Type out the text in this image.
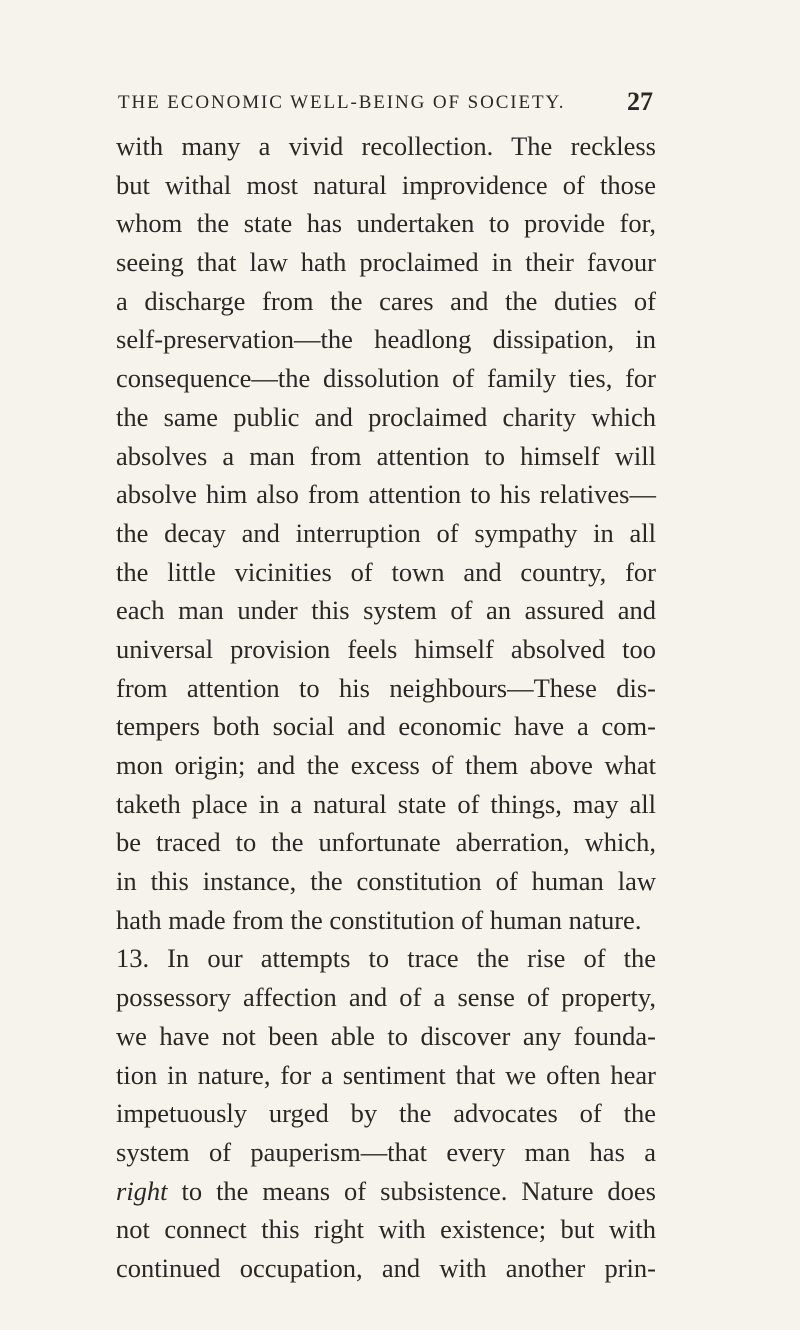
THE ECONOMIC WELL-BEING OF SOCIETY. 27
with many a vivid recollection. The reckless
but withal most natural improvidence of those
whom the state has undertaken to provide for,
seeing that law hath proclaimed in their favour
a discharge from the cares and the duties of
self-preservation—the headlong dissipation, in
consequence—the dissolution of family ties, for
the same public and proclaimed charity which
absolves a man from attention to himself will
absolve him also from attention to his relatives—
the decay and interruption of sympathy in all
the little vicinities of town and country, for
each man under this system of an assured and
universal provision feels himself absolved too
from attention to his neighbours—These dis-
tempers both social and economic have a com-
mon origin; and the excess of them above what
taketh place in a natural state of things, may all
be traced to the unfortunate aberration, which,
in this instance, the constitution of human law
hath made from the constitution of human nature.
13. In our attempts to trace the rise of the
possessory affection and of a sense of property,
we have not been able to discover any founda-
tion in nature, for a sentiment that we often hear
impetuously urged by the advocates of the
system of pauperism—that every man has a
right to the means of subsistence. Nature does
not connect this right with existence; but with
continued occupation, and with another prin-
